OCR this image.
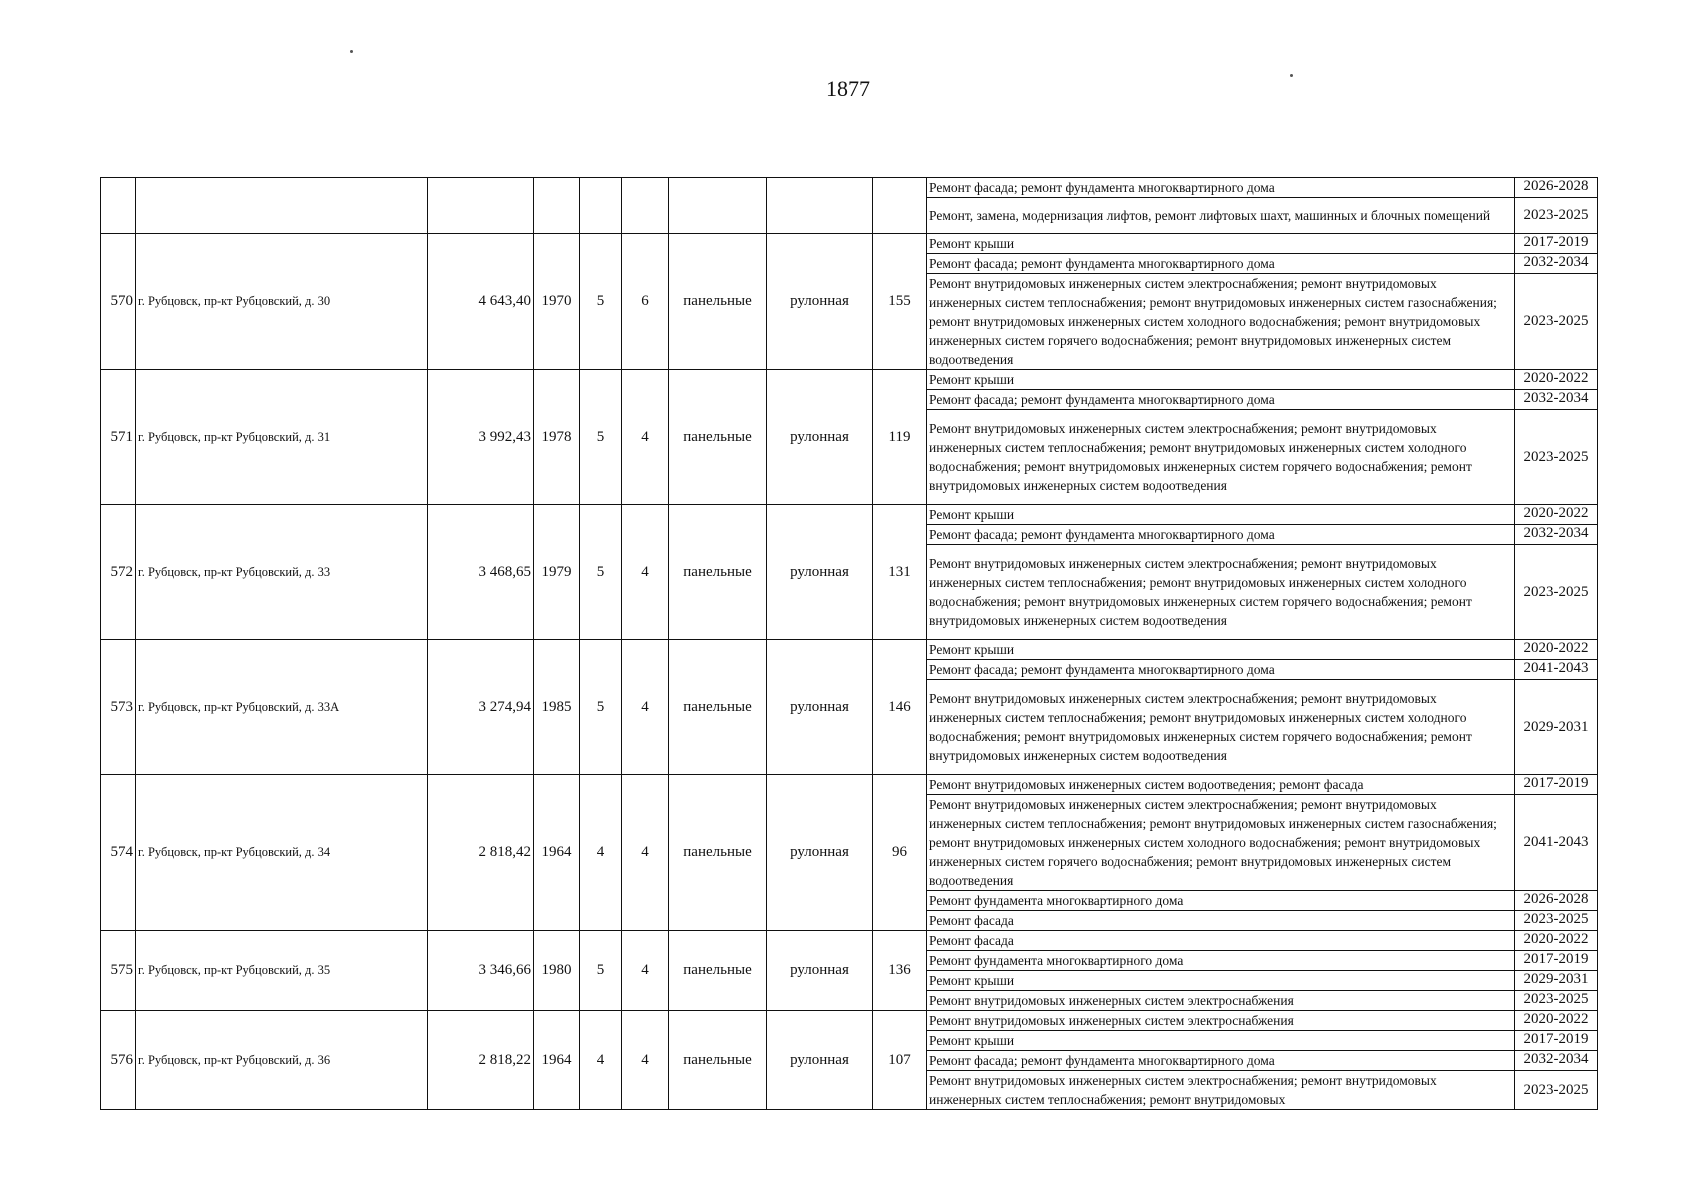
1877
									Ремонт фасада; ремонт фундамента многоквартирного дома	2026-2028
									Ремонт, замена, модернизация лифтов, ремонт лифтовых шахт, машинных и блочных помещений	2023-2025
570	г. Рубцовск, пр-кт Рубцовский, д. 30	4 643,40	1970	5	6	панельные	рулонная	155	Ремонт крыши	2017-2019
									Ремонт фасада; ремонт фундамента многоквартирного дома	2032-2034
									Ремонт внутридомовых инженерных систем электроснабжения; ремонт внутридомовых инженерных систем теплоснабжения; ремонт внутридомовых инженерных систем газоснабжения; ремонт внутридомовых инженерных систем холодного водоснабжения; ремонт внутридомовых инженерных систем горячего водоснабжения; ремонт внутридомовых инженерных систем водоотведения	2023-2025
571	г. Рубцовск, пр-кт Рубцовский, д. 31	3 992,43	1978	5	4	панельные	рулонная	119	Ремонт крыши	2020-2022
									Ремонт фасада; ремонт фундамента многоквартирного дома	2032-2034
									Ремонт внутридомовых инженерных систем электроснабжения; ремонт внутридомовых инженерных систем теплоснабжения; ремонт внутридомовых инженерных систем холодного водоснабжения; ремонт внутридомовых инженерных систем горячего водоснабжения; ремонт внутридомовых инженерных систем водоотведения	2023-2025
572	г. Рубцовск, пр-кт Рубцовский, д. 33	3 468,65	1979	5	4	панельные	рулонная	131	Ремонт крыши	2020-2022
									Ремонт фасада; ремонт фундамента многоквартирного дома	2032-2034
									Ремонт внутридомовых инженерных систем электроснабжения; ремонт внутридомовых инженерных систем теплоснабжения; ремонт внутридомовых инженерных систем холодного водоснабжения; ремонт внутридомовых инженерных систем горячего водоснабжения; ремонт внутридомовых инженерных систем водоотведения	2023-2025
573	г. Рубцовск, пр-кт Рубцовский, д. 33А	3 274,94	1985	5	4	панельные	рулонная	146	Ремонт крыши	2020-2022
									Ремонт фасада; ремонт фундамента многоквартирного дома	2041-2043
									Ремонт внутридомовых инженерных систем электроснабжения; ремонт внутридомовых инженерных систем теплоснабжения; ремонт внутридомовых инженерных систем холодного водоснабжения; ремонт внутридомовых инженерных систем горячего водоснабжения; ремонт внутридомовых инженерных систем водоотведения	2029-2031
574	г. Рубцовск, пр-кт Рубцовский, д. 34	2 818,42	1964	4	4	панельные	рулонная	96	Ремонт внутридомовых инженерных систем водоотведения; ремонт фасада	2017-2019
									Ремонт внутридомовых инженерных систем электроснабжения; ремонт внутридомовых инженерных систем теплоснабжения; ремонт внутридомовых инженерных систем газоснабжения; ремонт внутридомовых инженерных систем холодного водоснабжения; ремонт внутридомовых инженерных систем горячего водоснабжения; ремонт внутридомовых инженерных систем водоотведения	2041-2043
									Ремонт фундамента многоквартирного дома	2026-2028
									Ремонт фасада	2023-2025
575	г. Рубцовск, пр-кт Рубцовский, д. 35	3 346,66	1980	5	4	панельные	рулонная	136	Ремонт фасада	2020-2022
									Ремонт фундамента многоквартирного дома	2017-2019
									Ремонт крыши	2029-2031
									Ремонт внутридомовых инженерных систем электроснабжения	2023-2025
576	г. Рубцовск, пр-кт Рубцовский, д. 36	2 818,22	1964	4	4	панельные	рулонная	107	Ремонт внутридомовых инженерных систем электроснабжения	2020-2022
									Ремонт крыши	2017-2019
									Ремонт фасада; ремонт фундамента многоквартирного дома	2032-2034
									Ремонт внутридомовых инженерных систем электроснабжения; ремонт внутридомовых инженерных систем теплоснабжения; ремонт внутридомовых	2023-2025
